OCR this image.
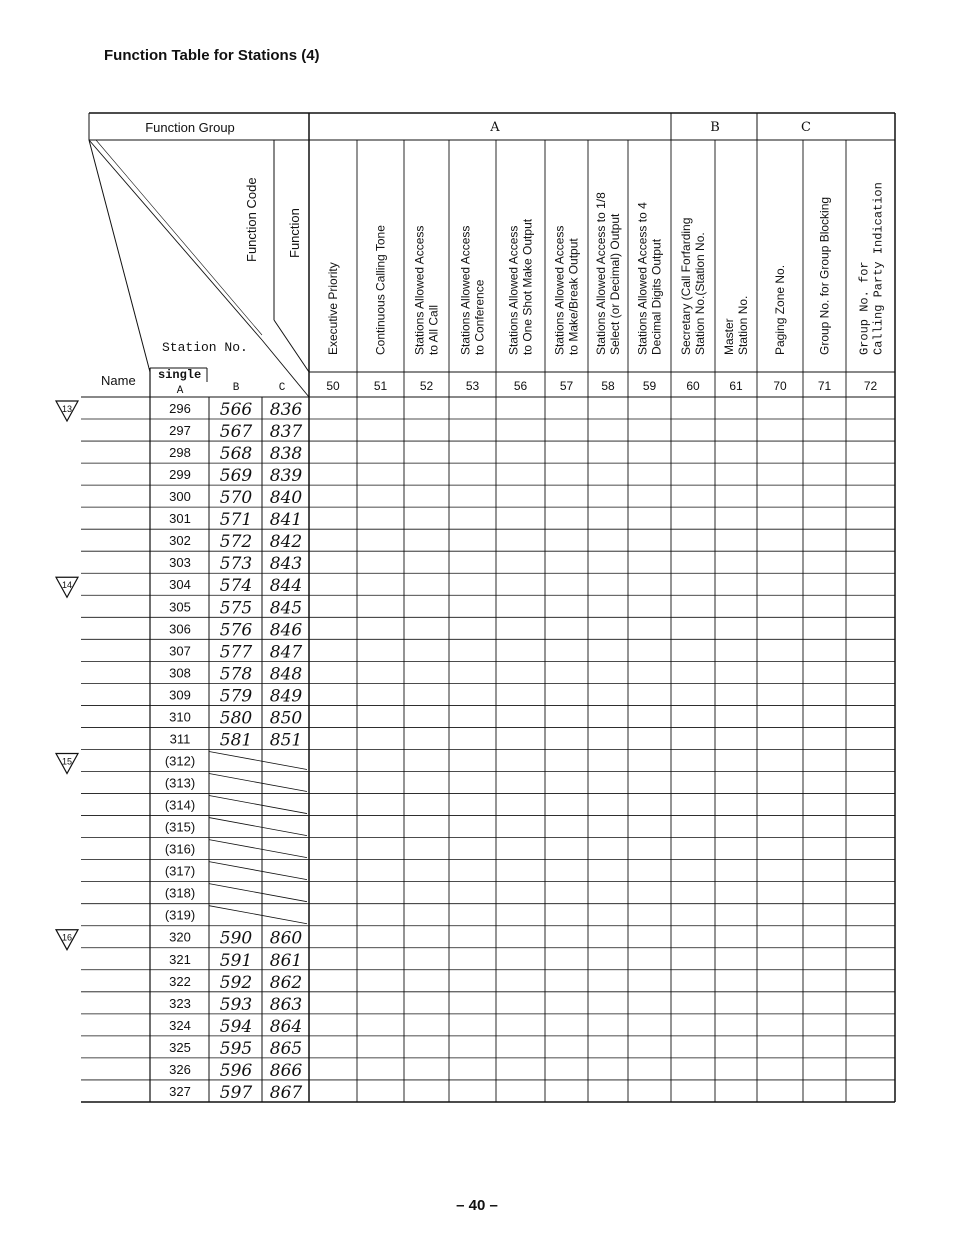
Function Table for Stations (4)
A	B	C
Function Group
Function Code Function
Station No.
Name single
A	B	C
Executive Priority
50
Continuous Calling Tone
51
Stations Allowed Access to All Call
52
Stations Allowed Access to Conference
53
Stations Allowed Access to One Shot Make Output
56
Stations Allowed Access to Make/Break Output
57
Stations Allowed Access to 1/8 Select (or Decimal) Output
58
Stations Allowed Access to 4 Decimal Digits Output
59
Secretary (Call Forfarding Station No.(Station No.
60
Master Station No.
61
Paging Zone No.
70
Group No. for Group Blocking
71
Group No. for Calling Party Indication
72
296 566 836
297 567 837
298 568 838
299 569 839
300 570 840
301 571 841
302 572 842
303 573 843
304 574 844
305 575 845
306 576 846
307 577 847
308 578 848
309 579 849
310 580 850
311 581 851
(312)
(313)
(314)
(315)
(316)
(317)
(318)
(319)
320 590 860
321 591 861
322 592 862
323 593 863
324 594 864
325 595 865
326 596 866
327 597 867
13
14
15
16
– 40 –
